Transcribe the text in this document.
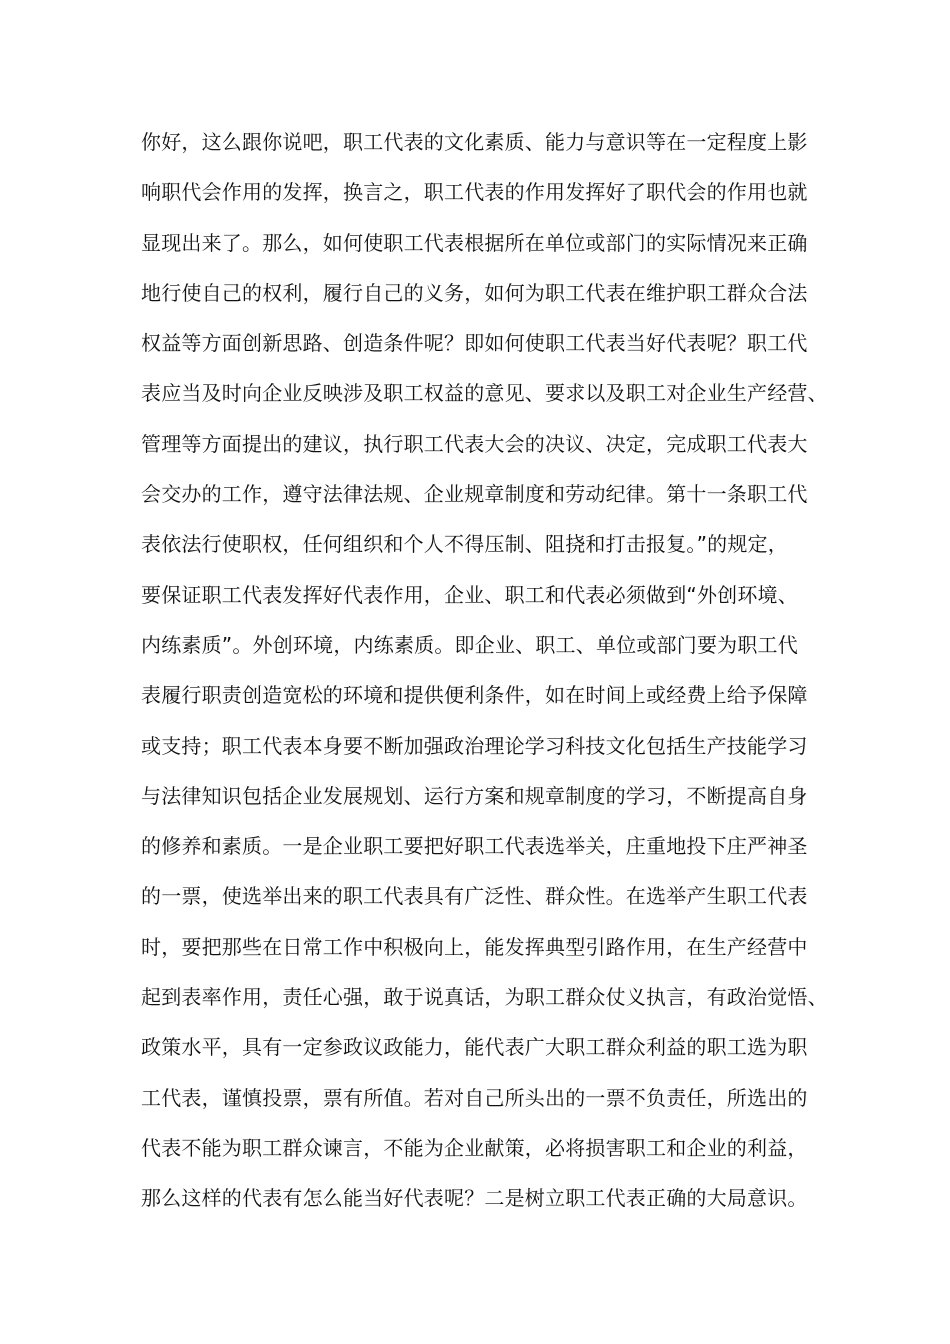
你好，这么跟你说吧，职工代表的文化素质、能力与意识等在一定程度上影
响职代会作用的发挥，换言之，职工代表的作用发挥好了职代会的作用也就
显现出来了。那么，如何使职工代表根据所在单位或部门的实际情况来正确
地行使自己的权利，履行自己的义务，如何为职工代表在维护职工群众合法
权益等方面创新思路、创造条件呢？即如何使职工代表当好代表呢？职工代
表应当及时向企业反映涉及职工权益的意见、要求以及职工对企业生产经营、
管理等方面提出的建议，执行职工代表大会的决议、决定，完成职工代表大
会交办的工作，遵守法律法规、企业规章制度和劳动纪律。第十一条职工代
表依法行使职权，任何组织和个人不得压制、阻挠和打击报复。”的规定，
要保证职工代表发挥好代表作用，企业、职工和代表必须做到“外创环境、
内练素质”。外创环境，内练素质。即企业、职工、单位或部门要为职工代
表履行职责创造宽松的环境和提供便利条件，如在时间上或经费上给予保障
或支持；职工代表本身要不断加强政治理论学习科技文化包括生产技能学习
与法律知识包括企业发展规划、运行方案和规章制度的学习，不断提高自身
的修养和素质。一是企业职工要把好职工代表选举关，庄重地投下庄严神圣
的一票，使选举出来的职工代表具有广泛性、群众性。在选举产生职工代表
时，要把那些在日常工作中积极向上，能发挥典型引路作用，在生产经营中
起到表率作用，责任心强，敢于说真话，为职工群众仗义执言，有政治觉悟、
政策水平，具有一定参政议政能力，能代表广大职工群众利益的职工选为职
工代表，谨慎投票，票有所值。若对自己所头出的一票不负责任，所选出的
代表不能为职工群众谏言，不能为企业献策，必将损害职工和企业的利益，
那么这样的代表有怎么能当好代表呢？二是树立职工代表正确的大局意识。
